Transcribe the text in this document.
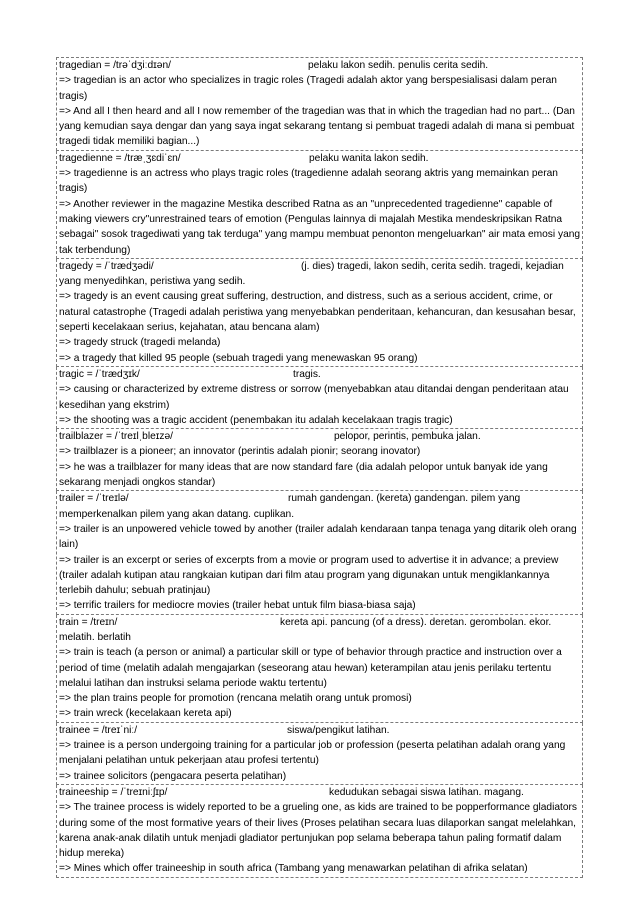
tragedian = /trəˈdʒiːdɪən/	pelaku lakon sedih. penulis cerita sedih.
=> tragedian is an actor who specializes in tragic roles (Tragedi adalah aktor yang berspesialisasi dalam peran tragis)
=> And all I then heard and all I now remember of the tragedian was that in which the tragedian had no part... (Dan yang kemudian saya dengar dan yang saya ingat sekarang tentang si pembuat tragedi adalah di mana si pembuat tragedi tidak memiliki bagian...)
tragedienne = /træˌʒɛdiˈɛn/	pelaku wanita lakon sedih.
=> tragedienne is an actress who plays tragic roles (tragedienne adalah seorang aktris yang memainkan peran tragis)
=> Another reviewer in the magazine Mestika described Ratna as an "unprecedented tragedienne" capable of making viewers cry"unrestrained tears of emotion (Pengulas lainnya di majalah Mestika mendeskripsikan Ratna sebagai" sosok tragediwati yang tak terduga" yang mampu membuat penonton mengeluarkan" air mata emosi yang tak terbendung)
tragedy = /ˈtrædʒədi/	(j. dies) tragedi, lakon sedih, cerita sedih. tragedi, kejadian
yang menyedihkan, peristiwa yang sedih.
=> tragedy is an event causing great suffering, destruction, and distress, such as a serious accident, crime, or natural catastrophe (Tragedi adalah peristiwa yang menyebabkan penderitaan, kehancuran, dan kesusahan besar, seperti kecelakaan serius, kejahatan, atau bencana alam)
=> tragedy struck (tragedi melanda)
=> a tragedy that killed 95 people (sebuah tragedi yang menewaskan 95 orang)
tragic = /ˈtrædʒɪk/	tragis.
=> causing or characterized by extreme distress or sorrow (menyebabkan atau ditandai dengan penderitaan atau kesedihan yang ekstrim)
=> the shooting was a tragic accident (penembakan itu adalah kecelakaan tragis tragic)
trailblazer = /ˈtreɪlˌbleɪzə/	pelopor, perintis, pembuka jalan.
=> trailblazer is a pioneer; an innovator (perintis adalah pionir; seorang inovator)
=> he was a trailblazer for many ideas that are now standard fare (dia adalah pelopor untuk banyak ide yang sekarang menjadi ongkos standar)
trailer = /ˈtreɪlə/	rumah gandengan. (kereta) gandengan. pilem yang
memperkenalkan pilem yang akan datang. cuplikan.
=> trailer is an unpowered vehicle towed by another (trailer adalah kendaraan tanpa tenaga yang ditarik oleh orang lain)
=> trailer is an excerpt or series of excerpts from a movie or program used to advertise it in advance; a preview (trailer adalah kutipan atau rangkaian kutipan dari film atau program yang digunakan untuk mengiklankannya terlebih dahulu; sebuah pratinjau)
=> terrific trailers for mediocre movies (trailer hebat untuk film biasa-biasa saja)
train = /treɪn/	kereta api. pancung (of a dress). deretan. gerombolan. ekor.
melatih. berlatih
=> train is teach (a person or animal) a particular skill or type of behavior through practice and instruction over a period of time (melatih adalah mengajarkan (seseorang atau hewan) keterampilan atau jenis perilaku tertentu melalui latihan dan instruksi selama periode waktu tertentu)
=> the plan trains people for promotion (rencana melatih orang untuk promosi)
=> train wreck (kecelakaan kereta api)
trainee = /treɪˈniː/	siswa/pengikut latihan.
=> trainee is a person undergoing training for a particular job or profession (peserta pelatihan adalah orang yang menjalani pelatihan untuk pekerjaan atau profesi tertentu)
=> trainee solicitors (pengacara peserta pelatihan)
traineeship = /ˈtreɪniːʃɪp/	kedudukan sebagai siswa latihan. magang.
=> The trainee process is widely reported to be a grueling one, as kids are trained to be popperformance gladiators during some of the most formative years of their lives (Proses pelatihan secara luas dilaporkan sangat melelahkan, karena anak-anak dilatih untuk menjadi gladiator pertunjukan pop selama beberapa tahun paling formatif dalam hidup mereka)
=> Mines which offer traineeship in south africa (Tambang yang menawarkan pelatihan di afrika selatan)
